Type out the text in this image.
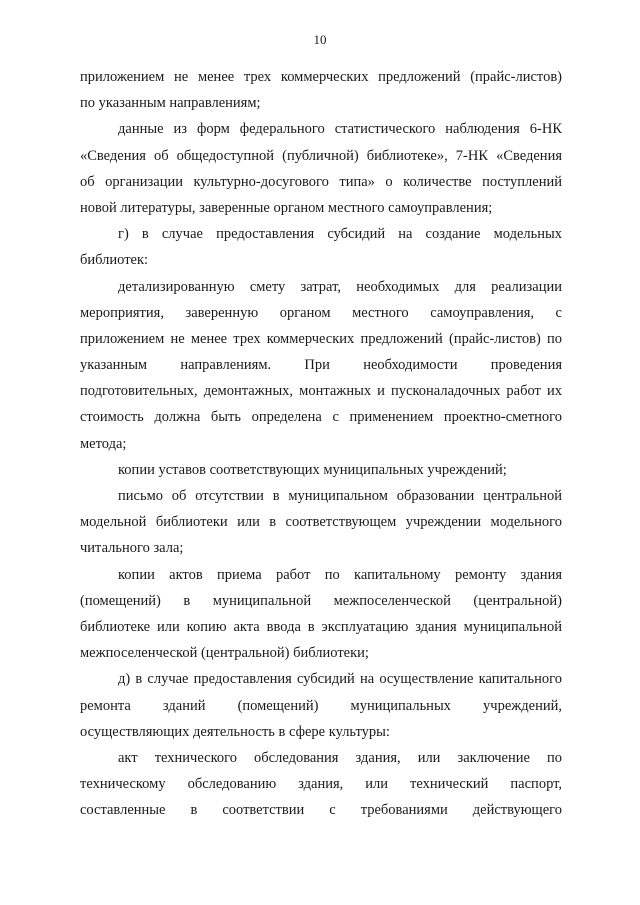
10
приложением не менее трех коммерческих предложений (прайс-листов)
по указанным направлениям;
данные из форм федерального статистического наблюдения 6-НК
«Сведения об общедоступной (публичной) библиотеке», 7-НК «Сведения
об организации культурно-досугового типа» о количестве поступлений
новой литературы, заверенные органом местного самоуправления;
г) в случае предоставления субсидий на создание модельных
библиотек:
детализированную смету затрат, необходимых для реализации
мероприятия, заверенную органом местного самоуправления, с
приложением не менее трех коммерческих предложений (прайс-листов) по
указанным направлениям. При необходимости проведения
подготовительных, демонтажных, монтажных и пусконаладочных работ их
стоимость должна быть определена с применением проектно-сметного
метода;
копии уставов соответствующих муниципальных учреждений;
письмо об отсутствии в муниципальном образовании центральной
модельной библиотеки или в соответствующем учреждении модельного
читального зала;
копии актов приема работ по капитальному ремонту здания
(помещений) в муниципальной межпоселенческой (центральной)
библиотеке или копию акта ввода в эксплуатацию здания муниципальной
межпоселенческой (центральной) библиотеки;
д) в случае предоставления субсидий на осуществление капитального
ремонта зданий (помещений) муниципальных учреждений,
осуществляющих деятельность в сфере культуры:
акт технического обследования здания, или заключение по
техническому обследованию здания, или технический паспорт,
составленные в соответствии с требованиями действующего
